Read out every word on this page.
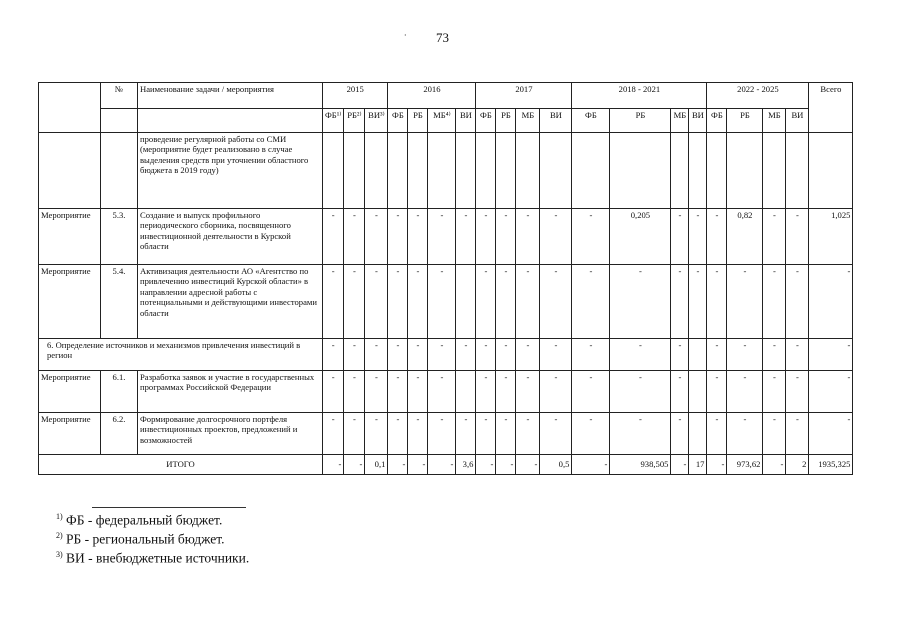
· 73
	№	Наименование задачи / мероприятия	2015			2016				2017				2018 - 2021				2022 - 2025				Всего
			ФБ¹⁾	РБ²⁾	ВИ³⁾	ФБ	РБ	МБ⁴⁾	ВИ	ФБ	РБ	МБ	ВИ	ФБ	РБ	МБ	ВИ	ФБ	РБ	МБ	ВИ	
		проведение регулярной работы со СМИ (мероприятие будет реализовано в случае выделения средств при уточнении областного бюджета в 2019 году)																				
Мероприятие	5.3.	Создание и выпуск профильного периодического сборника, посвященного инвестиционной деятельности в Курской области	-	-	-	-	-	-	-	-	-	-	-	-	0,205	-	-	-	0,82	-	-	1,025
Мероприятие	5.4.	Активизация деятельности АО «Агентство по привлечению инвестиций Курской области» в направлении адресной работы с потенциальными и действующими инвесторами области	-	-	-	-	-	-		-	-	-	-	-	-	-	-	-	-	-	-	-
6. Определение источников и механизмов привлечения инвестиций в регион			-	-	-	-	-	-	-	-	-	-	-	-	-	-		-	-	-	-	-
Мероприятие	6.1.	Разработка заявок и участие в государственных программах Российской Федерации	-	-	-	-	-	-		-	-	-	-	-	-	-		-	-	-	-	-
Мероприятие	6.2.	Формирование долгосрочного портфеля инвестиционных проектов, предложений и возможностей	-	-	-	-	-	-	-	-	-	-	-	-	-	-		-	-	-	-	-
ИТОГО			-	-	0,1	-	-	-	3,6	-	-	-	0,5	-	938,505	-	17	-	973,62	-	2	1935,325
$^{1)}$ ФБ - федеральный бюджет.
$^{2)}$ РБ - региональный бюджет.
$^{3)}$ ВИ - внебюджетные источники.
